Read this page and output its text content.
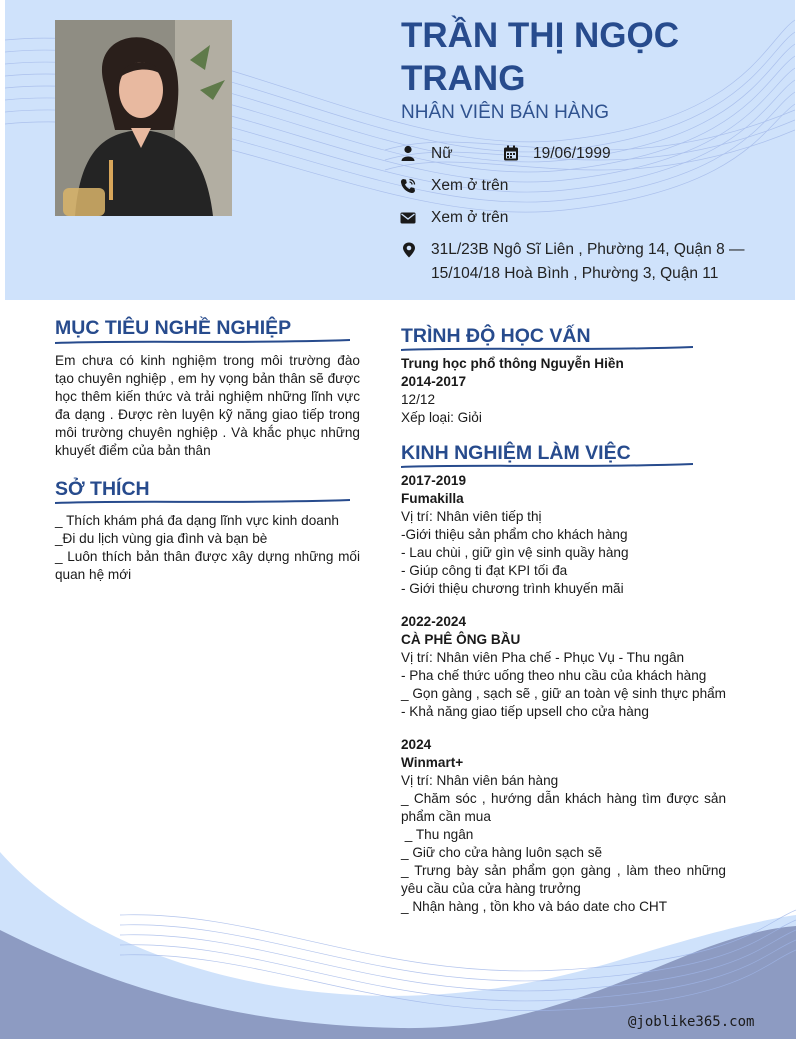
TRẦN THỊ NGỌC TRANG
NHÂN VIÊN BÁN HÀNG
Nữ	19/06/1999
Xem ở trên
Xem ở trên
31L/23B Ngô Sĩ Liên , Phường 14, Quận 8 — 15/104/18 Hoà Bình , Phường 3, Quận 11
MỤC TIÊU NGHỀ NGHIỆP
Em chưa có kinh nghiệm trong môi trường đào tạo chuyên nghiệp , em hy vọng bản thân sẽ được học thêm kiến thức và trải nghiệm những lĩnh vực đa dạng . Được rèn luyện kỹ năng giao tiếp trong môi trường chuyên nghiệp . Và khắc phục những khuyết điểm của bản thân
SỞ THÍCH
_ Thích khám phá đa dạng lĩnh vực kinh doanh
_Đi du lịch vùng gia đình và bạn bè
_ Luôn thích bản thân được xây dựng những mối quan hệ mới
TRÌNH ĐỘ HỌC VẤN
Trung học phổ thông Nguyễn Hiền
2014-2017
12/12
Xếp loại: Giỏi
KINH NGHIỆM LÀM VIỆC
2017-2019
Fumakilla
Vị trí: Nhân viên tiếp thị
-Giới thiệu sản phẩm cho khách hàng
- Lau chùi , giữ gìn vệ sinh quầy hàng
- Giúp công ti đạt KPI tối đa
- Giới thiệu chương trình khuyến mãi
2022-2024
CÀ PHÊ ÔNG BẦU
Vị trí: Nhân viên Pha chế - Phục Vụ - Thu ngân
- Pha chế thức uống theo nhu cầu của khách hàng
_ Gọn gàng , sạch sẽ , giữ an toàn vệ sinh thực phẩm
- Khả năng giao tiếp upsell cho cửa hàng
2024
Winmart+
Vị trí: Nhân viên bán hàng
_ Chăm sóc , hướng dẫn khách hàng tìm được sản phẩm cần mua
_ Thu ngân
_ Giữ cho cửa hàng luôn sạch sẽ
_ Trưng bày sản phẩm gọn gàng , làm theo những yêu cầu của cửa hàng trưởng
_ Nhận hàng , tồn kho và báo date cho CHT
@joblike365.com
